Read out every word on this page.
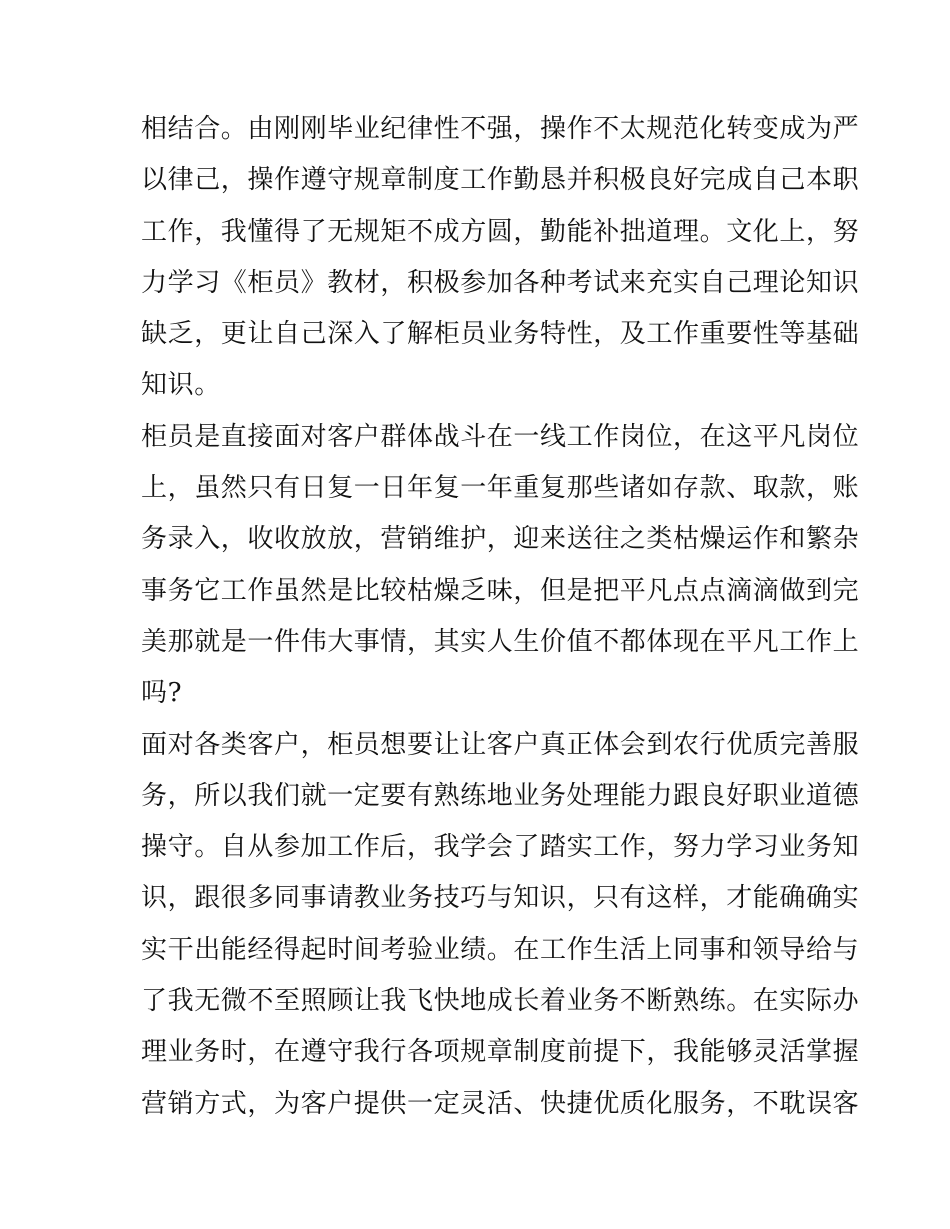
相结合。由刚刚毕业纪律性不强，操作不太规范化转变成为严
以律己，操作遵守规章制度工作勤恳并积极良好完成自己本职
工作，我懂得了无规矩不成方圆，勤能补拙道理。文化上，努
力学习《柜员》教材，积极参加各种考试来充实自己理论知识
缺乏，更让自己深入了解柜员业务特性，及工作重要性等基础
知识。
柜员是直接面对客户群体战斗在一线工作岗位，在这平凡岗位
上，虽然只有日复一日年复一年重复那些诸如存款、取款，账
务录入，收收放放，营销维护，迎来送往之类枯燥运作和繁杂
事务它工作虽然是比较枯燥乏味，但是把平凡点点滴滴做到完
美那就是一件伟大事情，其实人生价值不都体现在平凡工作上
吗?
面对各类客户，柜员想要让让客户真正体会到农行优质完善服
务，所以我们就一定要有熟练地业务处理能力跟良好职业道德
操守。自从参加工作后，我学会了踏实工作，努力学习业务知
识，跟很多同事请教业务技巧与知识，只有这样，才能确确实
实干出能经得起时间考验业绩。在工作生活上同事和领导给与
了我无微不至照顾让我飞快地成长着业务不断熟练。在实际办
理业务时，在遵守我行各项规章制度前提下，我能够灵活掌握
营销方式，为客户提供一定灵活、快捷优质化服务，不耽误客
